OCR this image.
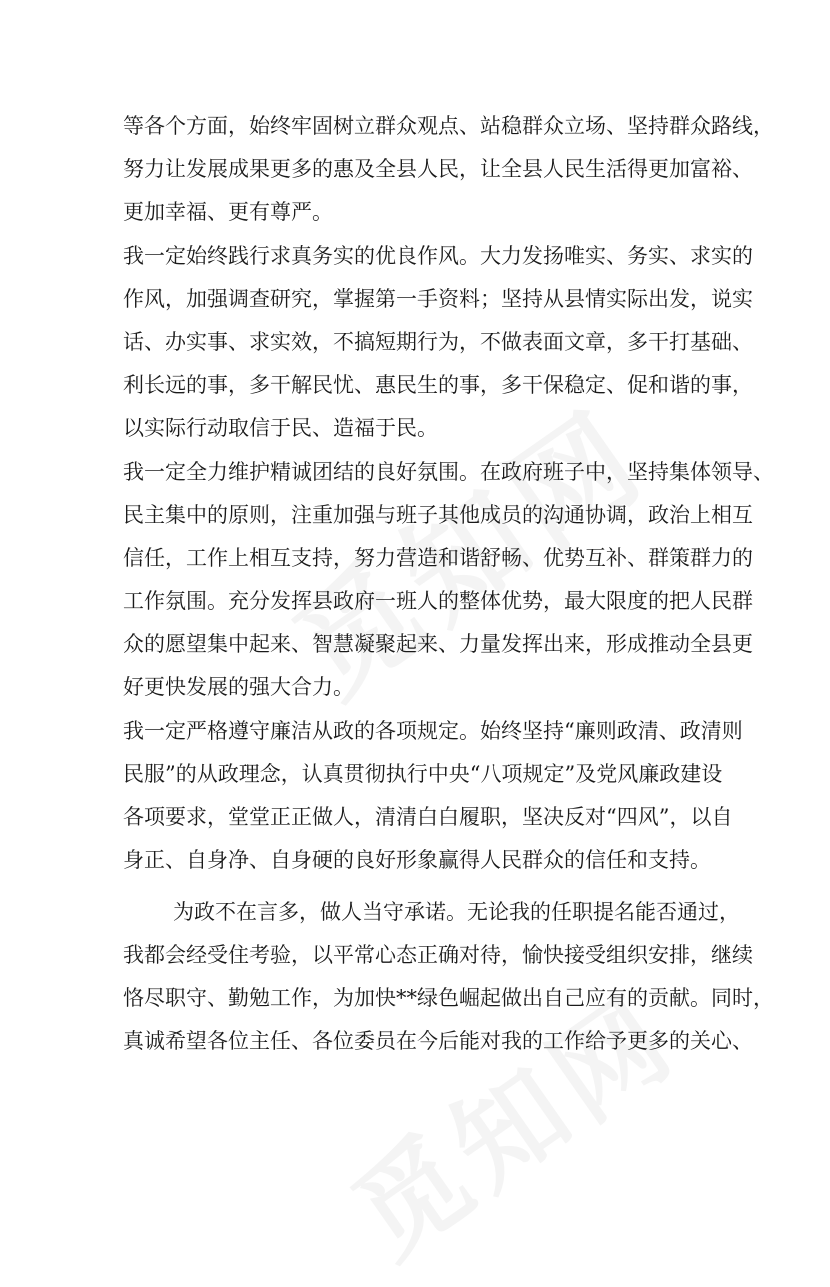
等各个方面，始终牢固树立群众观点、站稳群众立场、坚持群众路线，
努力让发展成果更多的惠及全县人民，让全县人民生活得更加富裕、
更加幸福、更有尊严。
我一定始终践行求真务实的优良作风。大力发扬唯实、务实、求实的
作风，加强调查研究，掌握第一手资料；坚持从县情实际出发，说实
话、办实事、求实效，不搞短期行为，不做表面文章，多干打基础、
利长远的事，多干解民忧、惠民生的事，多干保稳定、促和谐的事，
以实际行动取信于民、造福于民。
我一定全力维护精诚团结的良好氛围。在政府班子中，坚持集体领导、
民主集中的原则，注重加强与班子其他成员的沟通协调，政治上相互
信任，工作上相互支持，努力营造和谐舒畅、优势互补、群策群力的
工作氛围。充分发挥县政府一班人的整体优势，最大限度的把人民群
众的愿望集中起来、智慧凝聚起来、力量发挥出来，形成推动全县更
好更快发展的强大合力。
我一定严格遵守廉洁从政的各项规定。始终坚持“廉则政清、政清则
民服”的从政理念，认真贯彻执行中央“八项规定”及党风廉政建设
各项要求，堂堂正正做人，清清白白履职，坚决反对“四风”，以自
身正、自身净、自身硬的良好形象赢得人民群众的信任和支持。
为政不在言多，做人当守承诺。无论我的任职提名能否通过，
我都会经受住考验，以平常心态正确对待，愉快接受组织安排，继续
恪尽职守、勤勉工作，为加快**绿色崛起做出自己应有的贡献。同时，
真诚希望各位主任、各位委员在今后能对我的工作给予更多的关心、
